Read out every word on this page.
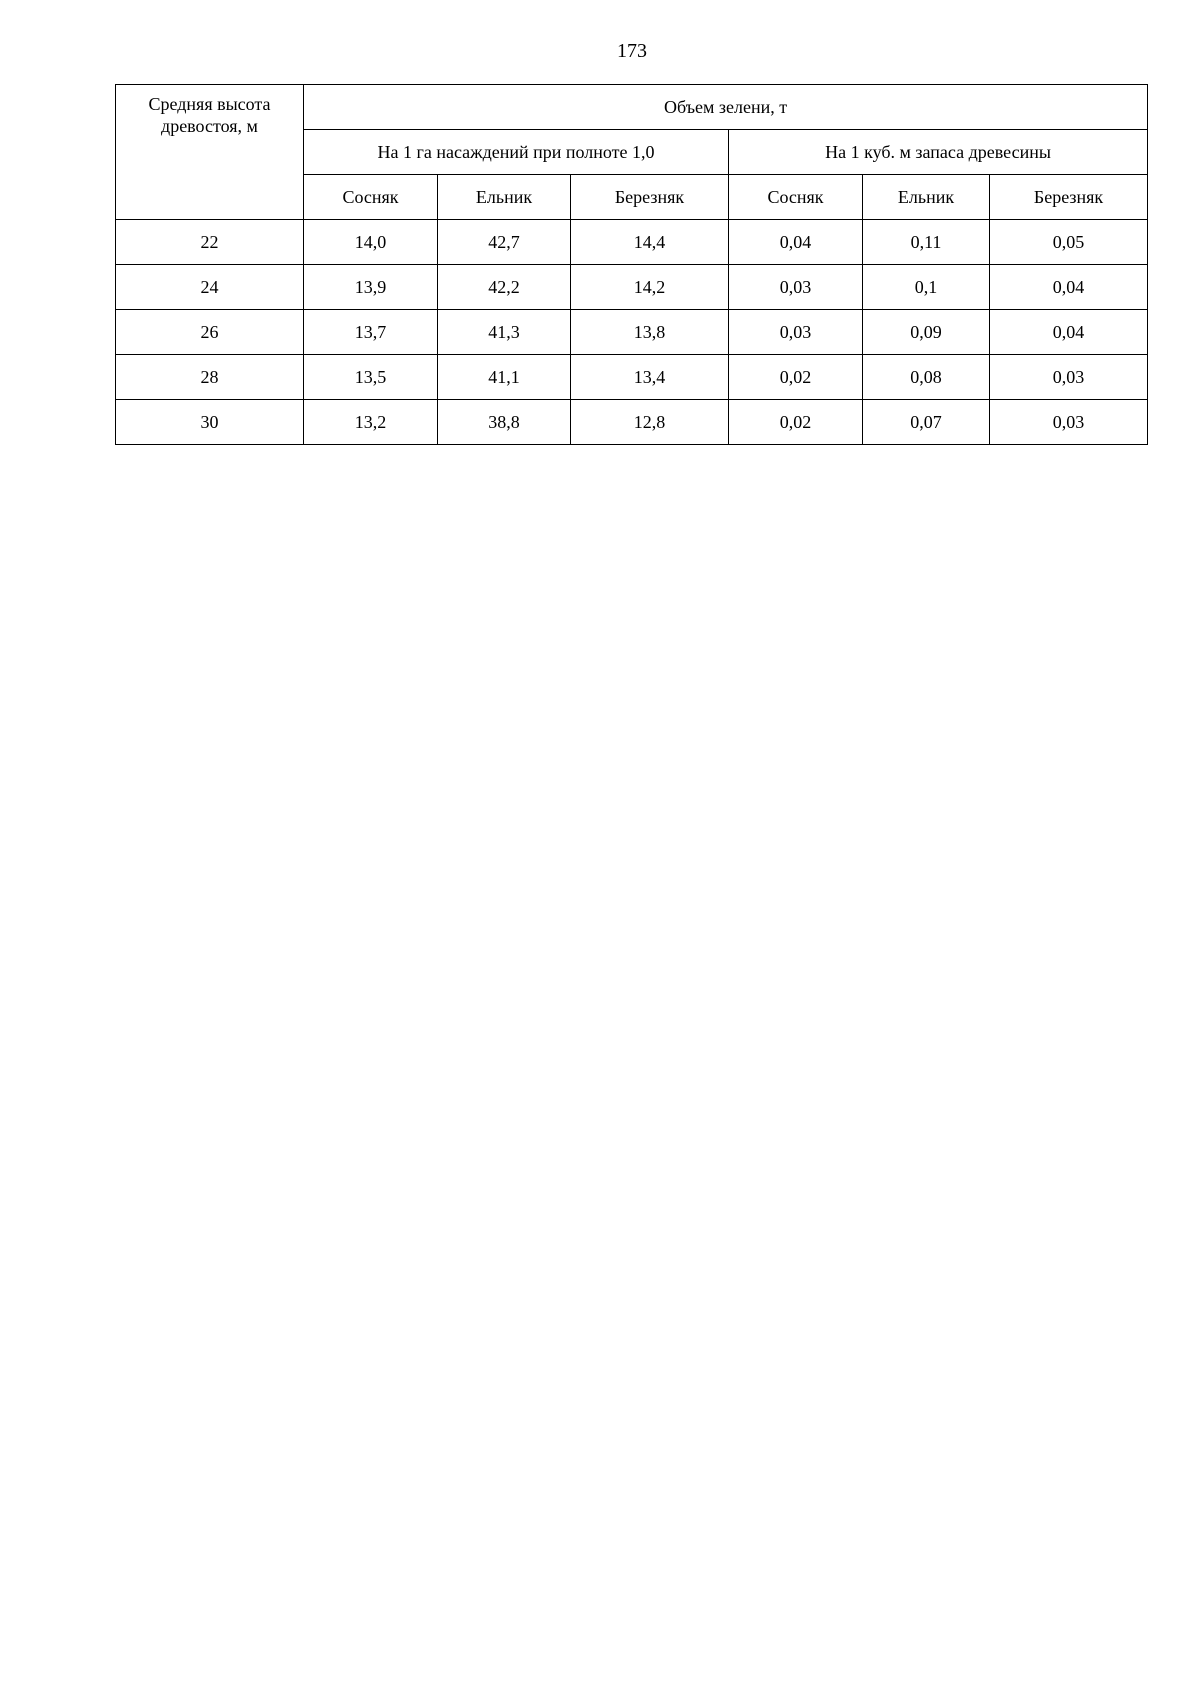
173
Средняя высота древостоя, м	Объем зелени, т					
	На 1 га насаждений при полноте 1,0			На 1 куб. м запаса древесины		
	Сосняк	Ельник	Березняк	Сосняк	Ельник	Березняк
22	14,0	42,7	14,4	0,04	0,11	0,05
24	13,9	42,2	14,2	0,03	0,1	0,04
26	13,7	41,3	13,8	0,03	0,09	0,04
28	13,5	41,1	13,4	0,02	0,08	0,03
30	13,2	38,8	12,8	0,02	0,07	0,03
